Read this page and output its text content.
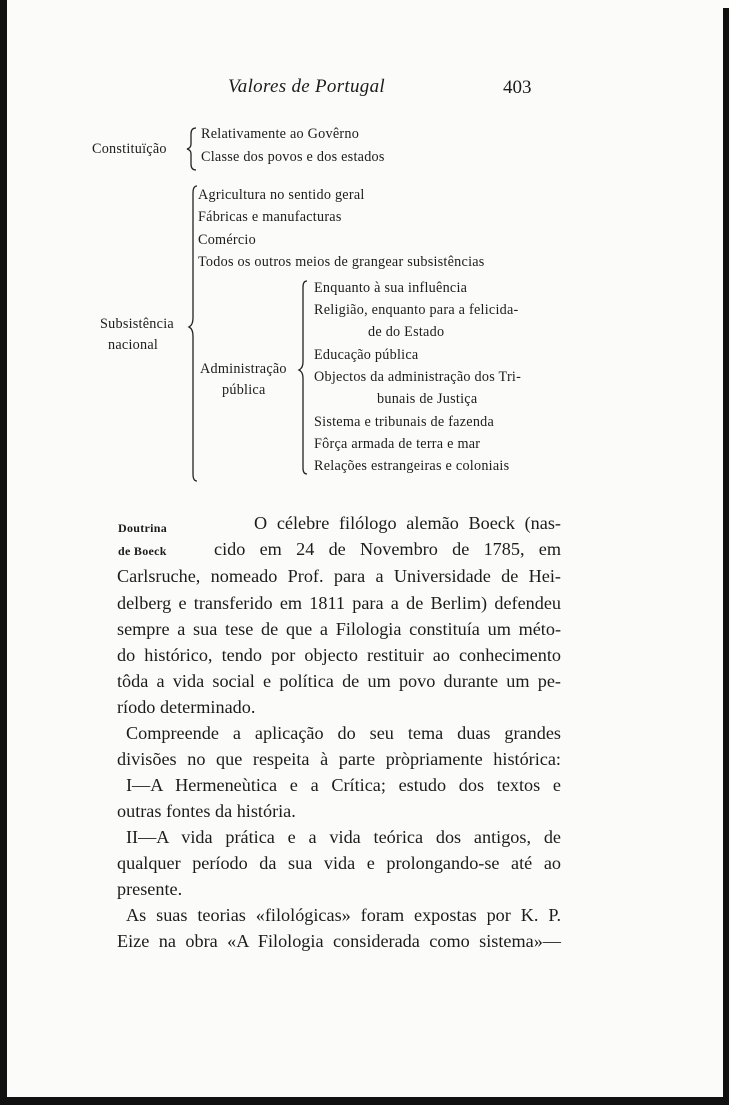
Valores de Portugal	403
Constituïção
Relativamente ao Govêrno
Classe dos povos e dos estados
Subsistência
nacional
Agricultura no sentido geral
Fábricas e manufacturas
Comércio
Todos os outros meios de grangear subsistências
Administração
pública
Enquanto à sua influência
Religião, enquanto para a felicida-
de do Estado
Educação pública
Objectos da administração dos Tri-
bunais de Justiça
Sistema e tribunais de fazenda
Fôrça armada de terra e mar
Relações estrangeiras e coloniais
Doutrina
de Boeck
O célebre filólogo alemão Boeck (nas-
cido em 24 de Novembro de 1785, em
Carlsruche, nomeado Prof. para a Universidade de Hei-
delberg e transferido em 1811 para a de Berlim) defendeu
sempre a sua tese de que a Filologia constituía um méto-
do histórico, tendo por objecto restituir ao conhecimento
tôda a vida social e política de um povo durante um pe-
ríodo determinado.
Compreende a aplicação do seu tema duas grandes
divisões no que respeita à parte pròpriamente histórica:
I—A Hermeneùtica e a Crítica; estudo dos textos e
outras fontes da história.
II—A vida prática e a vida teórica dos antigos, de
qualquer período da sua vida e prolongando-se até ao
presente.
As suas teorias «filológicas» foram expostas por K. P.
Eize na obra «A Filologia considerada como sistema»—
